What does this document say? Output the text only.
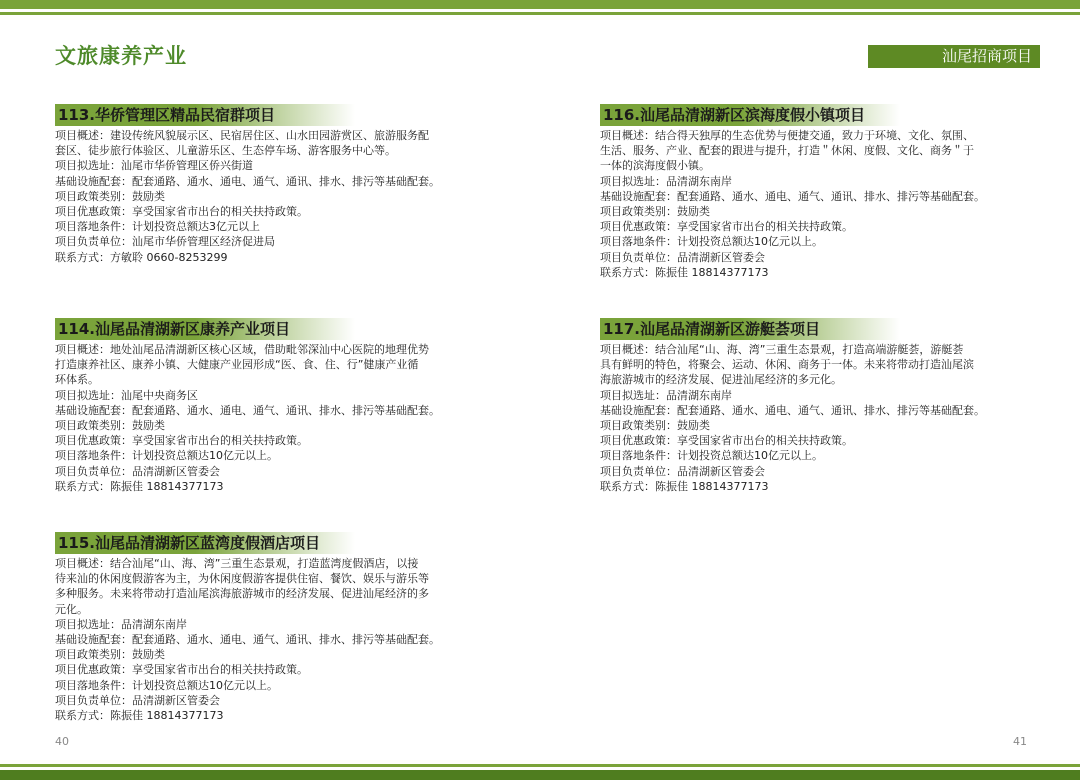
文旅康养产业	汕尾招商项目
113.华侨管理区精品民宿群项目
项目概述：建设传统风貌展示区、民宿居住区、山水田园游赏区、旅游服务配
套区、徒步旅行体验区、儿童游乐区、生态停车场、游客服务中心等。
项目拟选址：汕尾市华侨管理区侨兴街道
基础设施配套：配套通路、通水、通电、通气、通讯、排水、排污等基础配套。
项目政策类别：鼓励类
项目优惠政策：享受国家省市出台的相关扶持政策。
项目落地条件：计划投资总额达3亿元以上
项目负责单位：汕尾市华侨管理区经济促进局
联系方式：方敏聆 0660-8253299
114.汕尾品清湖新区康养产业项目
项目概述：地处汕尾品清湖新区核心区域，借助毗邻深汕中心医院的地理优势
打造康养社区、康养小镇、大健康产业园形成“医、食、住、行”健康产业循
环体系。
项目拟选址：汕尾中央商务区
基础设施配套：配套通路、通水、通电、通气、通讯、排水、排污等基础配套。
项目政策类别：鼓励类
项目优惠政策：享受国家省市出台的相关扶持政策。
项目落地条件：计划投资总额达10亿元以上。
项目负责单位：品清湖新区管委会
联系方式：陈振佳 18814377173
115.汕尾品清湖新区蓝湾度假酒店项目
项目概述：结合汕尾“山、海、湾”三重生态景观，打造蓝湾度假酒店，以接
待来汕的休闲度假游客为主，为休闲度假游客提供住宿、餐饮、娱乐与游乐等
多种服务。未来将带动打造汕尾滨海旅游城市的经济发展、促进汕尾经济的多
元化。
项目拟选址：品清湖东南岸
基础设施配套：配套通路、通水、通电、通气、通讯、排水、排污等基础配套。
项目政策类别：鼓励类
项目优惠政策：享受国家省市出台的相关扶持政策。
项目落地条件：计划投资总额达10亿元以上。
项目负责单位：品清湖新区管委会
联系方式：陈振佳 18814377173
116.汕尾品清湖新区滨海度假小镇项目
项目概述：结合得天独厚的生态优势与便捷交通，致力于环境、文化、氛围、
生活、服务、产业、配套的跟进与提升，打造＂休闲、度假、文化、商务＂于
一体的滨海度假小镇。
项目拟选址：品清湖东南岸
基础设施配套：配套通路、通水、通电、通气、通讯、排水、排污等基础配套。
项目政策类别：鼓励类
项目优惠政策：享受国家省市出台的相关扶持政策。
项目落地条件：计划投资总额达10亿元以上。
项目负责单位：品清湖新区管委会
联系方式：陈振佳 18814377173
117.汕尾品清湖新区游艇荟项目
项目概述：结合汕尾“山、海、湾”三重生态景观，打造高端游艇荟，游艇荟
具有鲜明的特色，将聚会、运动、休闲、商务于一体。未来将带动打造汕尾滨
海旅游城市的经济发展、促进汕尾经济的多元化。
项目拟选址：品清湖东南岸
基础设施配套：配套通路、通水、通电、通气、通讯、排水、排污等基础配套。
项目政策类别：鼓励类
项目优惠政策：享受国家省市出台的相关扶持政策。
项目落地条件：计划投资总额达10亿元以上。
项目负责单位：品清湖新区管委会
联系方式：陈振佳 18814377173
40	41
